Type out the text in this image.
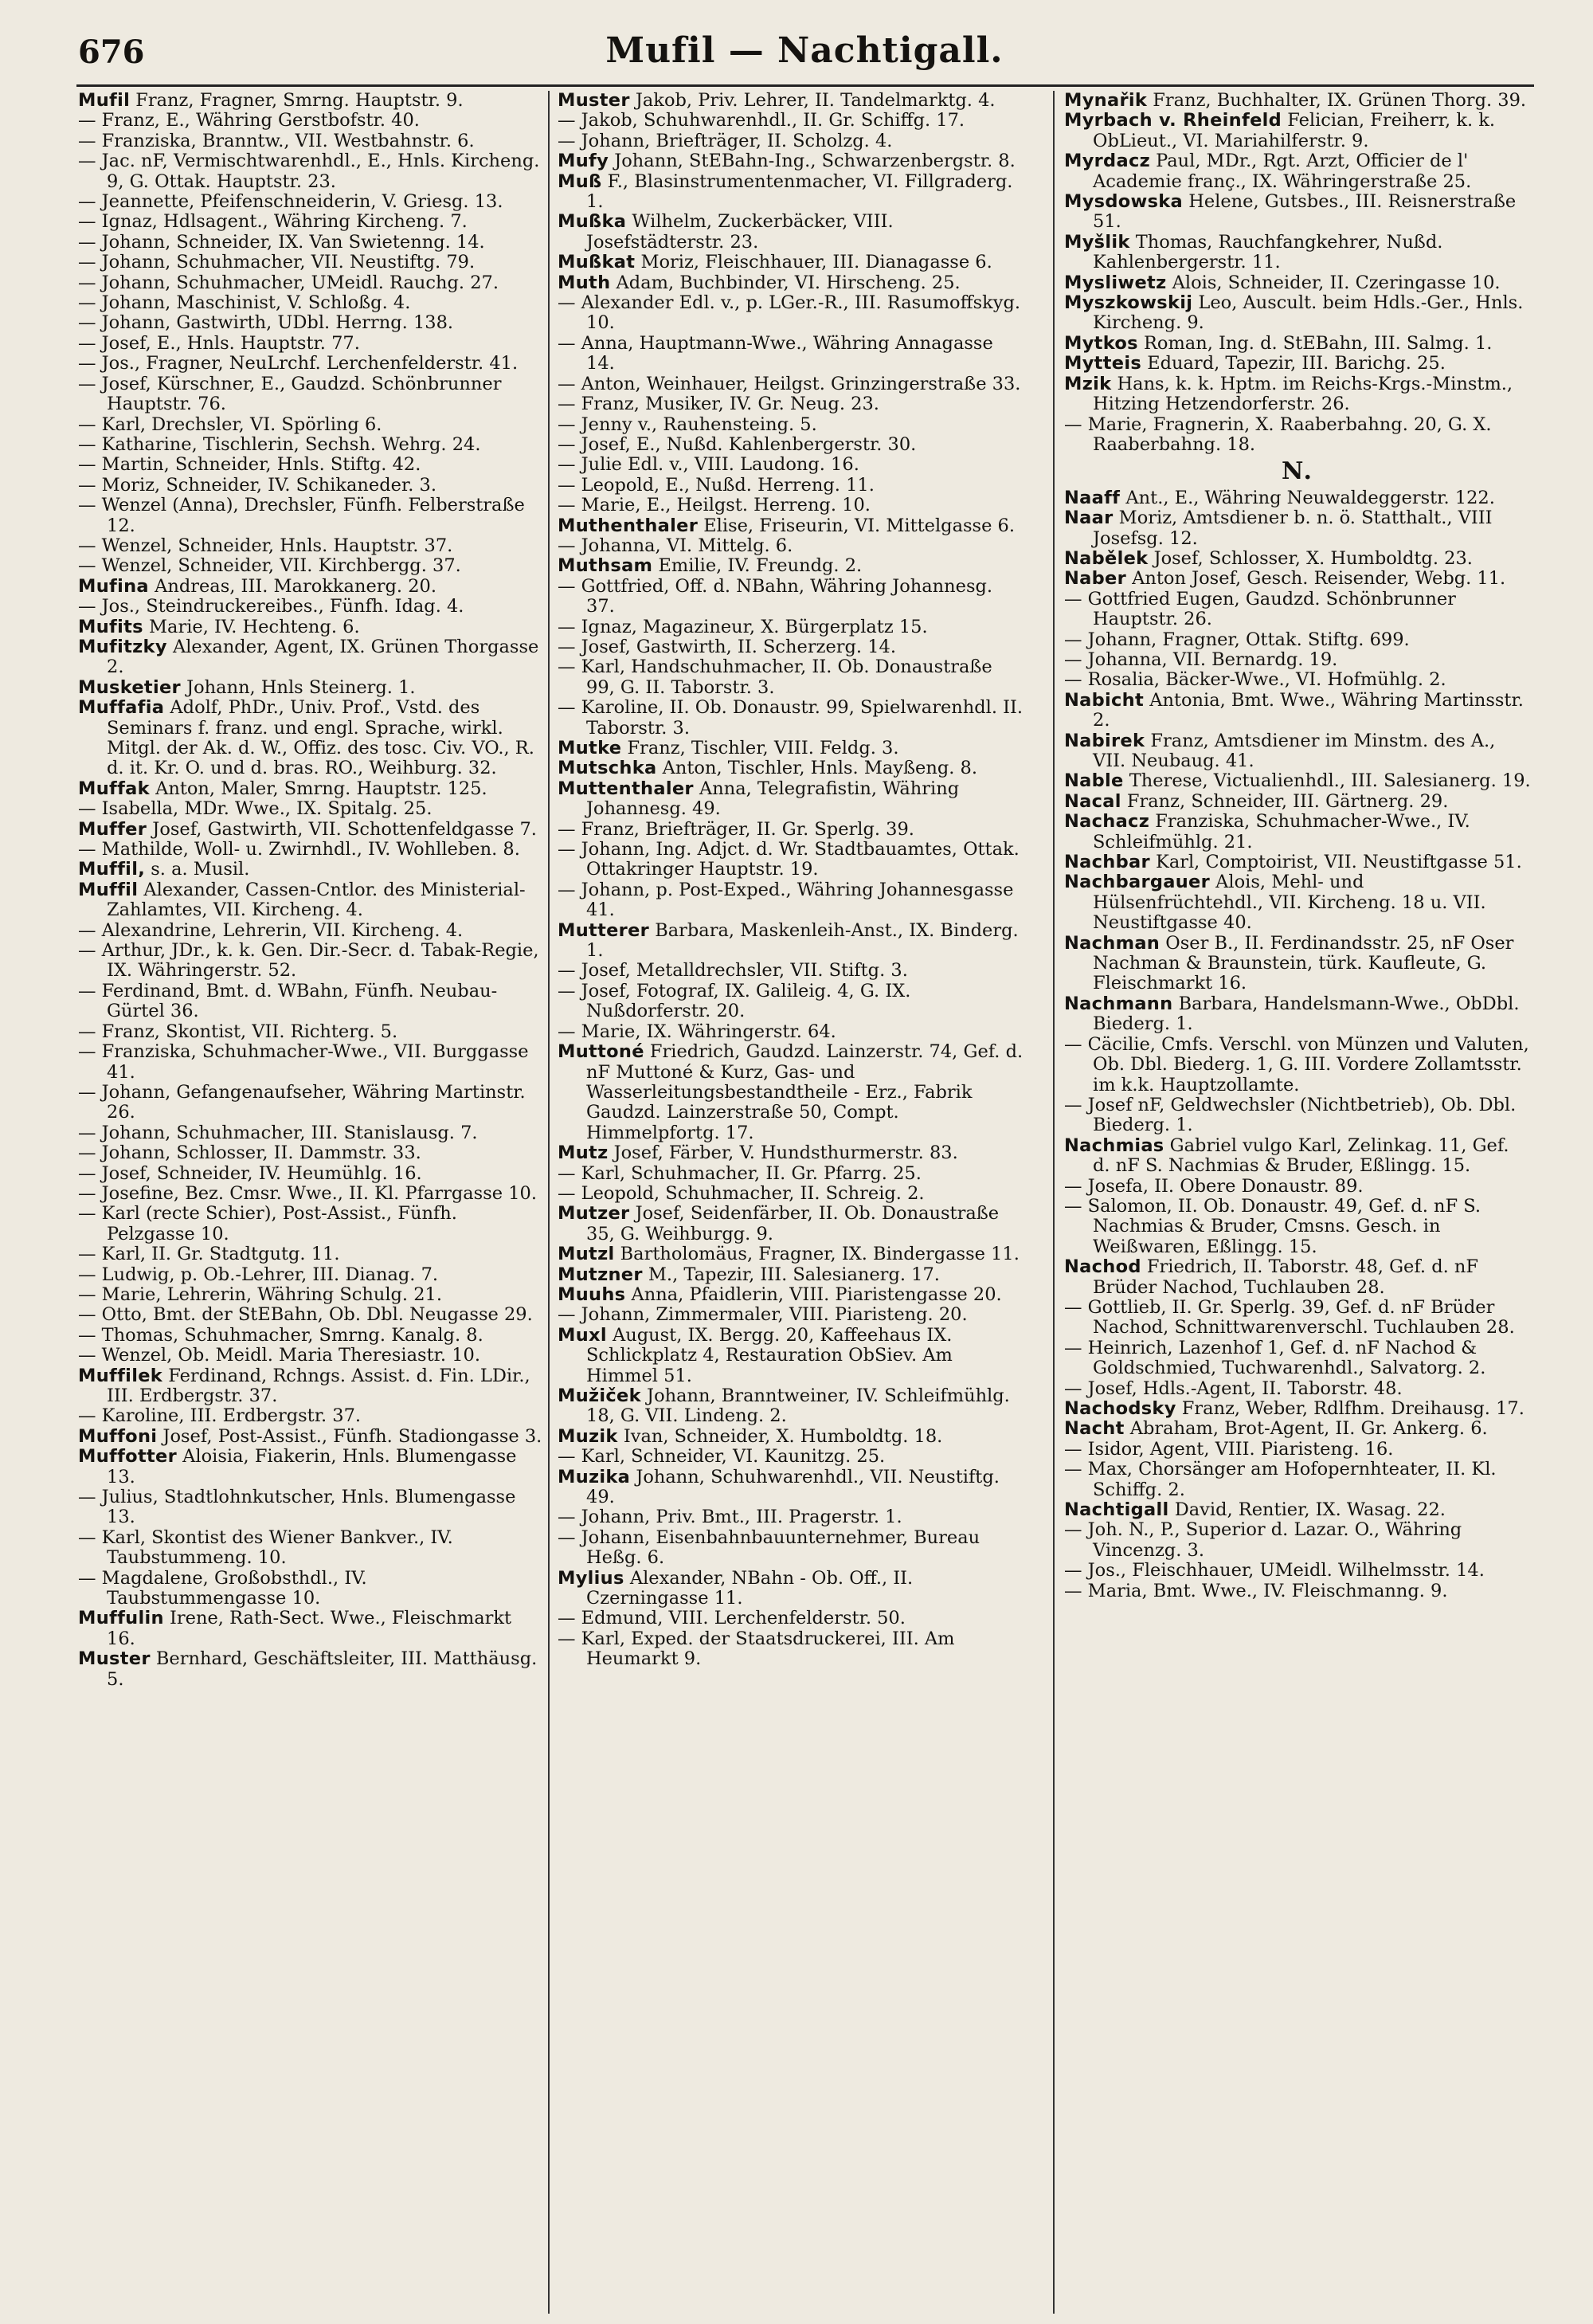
676	Mufil — Nachtigall.

Mufil Franz, Fragner, Smrng. Hauptstr. 9.

— Franz, E., Währing Gerstbofstr. 40.

— Franziska, Branntw., VII. Westbahnstr. 6.

— Jac. nF, Vermischtwarenhdl., E., Hnls. Kircheng. 9, G. Ottak. Hauptstr. 23.

— Jeannette, Pfeifenschneiderin, V. Griesg. 13.

— Ignaz, Hdlsagent., Währing Kircheng. 7.

— Johann, Schneider, IX. Van Swietenng. 14.

— Johann, Schuhmacher, VII. Neustiftg. 79.

— Johann, Schuhmacher, UMeidl. Rauchg. 27.

— Johann, Maschinist, V. Schloßg. 4.

— Johann, Gastwirth, UDbl. Herrng. 138.

— Josef, E., Hnls. Hauptstr. 77.

— Jos., Fragner, NeuLrchf. Lerchenfelderstr. 41.

— Josef, Kürschner, E., Gaudzd. Schönbrunner Hauptstr. 76.

— Karl, Drechsler, VI. Spörling 6.

— Katharine, Tischlerin, Sechsh. Wehrg. 24.

— Martin, Schneider, Hnls. Stiftg. 42.

— Moriz, Schneider, IV. Schikaneder. 3.

— Wenzel (Anna), Drechsler, Fünfh. Felberstraße 12.

— Wenzel, Schneider, Hnls. Hauptstr. 37.

— Wenzel, Schneider, VII. Kirchbergg. 37.

Mufina Andreas, III. Marokkanerg. 20.

— Jos., Steindruckereibes., Fünfh. Idag. 4.

Mufits Marie, IV. Hechteng. 6.

Mufitzky Alexander, Agent, IX. Grünen Thorgasse 2.

Musketier Johann, Hnls Steinerg. 1.

Muffafia Adolf, PhDr., Univ. Prof., Vstd. des Seminars f. franz. und engl. Sprache, wirkl. Mitgl. der Ak. d. W., Offiz. des tosc. Civ. VO., R. d. it. Kr. O. und d. bras. RO., Weihburg. 32.

Muffak Anton, Maler, Smrng. Hauptstr. 125.

— Isabella, MDr. Wwe., IX. Spitalg. 25.

Muffer Josef, Gastwirth, VII. Schottenfeldgasse 7.

— Mathilde, Woll- u. Zwirnhdl., IV. Wohlleben. 8.

Muffil, s. a. Musil.

Muffil Alexander, Cassen-Cntlor. des Ministerial-Zahlamtes, VII. Kircheng. 4.

— Alexandrine, Lehrerin, VII. Kircheng. 4.

— Arthur, JDr., k. k. Gen. Dir.-Secr. d. Tabak-Regie, IX. Währingerstr. 52.

— Ferdinand, Bmt. d. WBahn, Fünfh. Neubau-Gürtel 36.

— Franz, Skontist, VII. Richterg. 5.

— Franziska, Schuhmacher-Wwe., VII. Burggasse 41.

— Johann, Gefangenaufseher, Währing Martinstr. 26.

— Johann, Schuhmacher, III. Stanislausg. 7.

— Johann, Schlosser, II. Dammstr. 33.

— Josef, Schneider, IV. Heumühlg. 16.

— Josefine, Bez. Cmsr. Wwe., II. Kl. Pfarrgasse 10.

— Karl (recte Schier), Post-Assist., Fünfh. Pelzgasse 10.

— Karl, II. Gr. Stadtgutg. 11.

— Ludwig, p. Ob.-Lehrer, III. Dianag. 7.

— Marie, Lehrerin, Währing Schulg. 21.

— Otto, Bmt. der StEBahn, Ob. Dbl. Neugasse 29.

— Thomas, Schuhmacher, Smrng. Kanalg. 8.

— Wenzel, Ob. Meidl. Maria Theresiastr. 10.

Muffilek Ferdinand, Rchngs. Assist. d. Fin. LDir., III. Erdbergstr. 37.

— Karoline, III. Erdbergstr. 37.

Muffoni Josef, Post-Assist., Fünfh. Stadiongasse 3.

Muffotter Aloisia, Fiakerin, Hnls. Blumengasse 13.

— Julius, Stadtlohnkutscher, Hnls. Blumengasse 13.

— Karl, Skontist des Wiener Bankver., IV. Taubstummeng. 10.

— Magdalene, Großobsthdl., IV. Taubstummengasse 10.

Muffulin Irene, Rath-Sect. Wwe., Fleischmarkt 16.

Muster Bernhard, Geschäftsleiter, III. Matthäusg. 5.

Muster Jakob, Priv. Lehrer, II. Tandelmarktg. 4.

— Jakob, Schuhwarenhdl., II. Gr. Schiffg. 17.

— Johann, Briefträger, II. Scholzg. 4.

Mufy Johann, StEBahn-Ing., Schwarzenbergstr. 8.

Muß F., Blasinstrumentenmacher, VI. Fillgraderg. 1.

Mußka Wilhelm, Zuckerbäcker, VIII. Josefstädterstr. 23.

Mußkat Moriz, Fleischhauer, III. Dianagasse 6.

Muth Adam, Buchbinder, VI. Hirscheng. 25.

— Alexander Edl. v., p. LGer.-R., III. Rasumoffskyg. 10.

— Anna, Hauptmann-Wwe., Währing Annagasse 14.

— Anton, Weinhauer, Heilgst. Grinzingerstraße 33.

— Franz, Musiker, IV. Gr. Neug. 23.

— Jenny v., Rauhensteing. 5.

— Josef, E., Nußd. Kahlenbergerstr. 30.

— Julie Edl. v., VIII. Laudong. 16.

— Leopold, E., Nußd. Herreng. 11.

— Marie, E., Heilgst. Herreng. 10.

Muthenthaler Elise, Friseurin, VI. Mittelgasse 6.

— Johanna, VI. Mittelg. 6.

Muthsam Emilie, IV. Freundg. 2.

— Gottfried, Off. d. NBahn, Währing Johannesg. 37.

— Ignaz, Magazineur, X. Bürgerplatz 15.

— Josef, Gastwirth, II. Scherzerg. 14.

— Karl, Handschuhmacher, II. Ob. Donaustraße 99, G. II. Taborstr. 3.

— Karoline, II. Ob. Donaustr. 99, Spielwarenhdl. II. Taborstr. 3.

Mutke Franz, Tischler, VIII. Feldg. 3.

Mutschka Anton, Tischler, Hnls. Mayßeng. 8.

Muttenthaler Anna, Telegrafistin, Währing Johannesg. 49.

— Franz, Briefträger, II. Gr. Sperlg. 39.

— Johann, Ing. Adjct. d. Wr. Stadtbauamtes, Ottak. Ottakringer Hauptstr. 19.

— Johann, p. Post-Exped., Währing Johannesgasse 41.

Mutterer Barbara, Maskenleih-Anst., IX. Binderg. 1.

— Josef, Metalldrechsler, VII. Stiftg. 3.

— Josef, Fotograf, IX. Galileig. 4, G. IX. Nußdorferstr. 20.

— Marie, IX. Währingerstr. 64.

Muttoné Friedrich, Gaudzd. Lainzerstr. 74, Gef. d. nF Muttoné & Kurz, Gas- und Wasserleitungsbestandtheile - Erz., Fabrik Gaudzd. Lainzerstraße 50, Compt. Himmelpfortg. 17.

Mutz Josef, Färber, V. Hundsthurmerstr. 83.

— Karl, Schuhmacher, II. Gr. Pfarrg. 25.

— Leopold, Schuhmacher, II. Schreig. 2.

Mutzer Josef, Seidenfärber, II. Ob. Donaustraße 35, G. Weihburgg. 9.

Mutzl Bartholomäus, Fragner, IX. Bindergasse 11.

Mutzner M., Tapezir, III. Salesianerg. 17.

Muuhs Anna, Pfaidlerin, VIII. Piaristengasse 20.

— Johann, Zimmermaler, VIII. Piaristeng. 20.

Muxl August, IX. Bergg. 20, Kaffeehaus IX. Schlickplatz 4, Restauration ObSiev. Am Himmel 51.

Mužiček Johann, Branntweiner, IV. Schleifmühlg. 18, G. VII. Lindeng. 2.

Muzik Ivan, Schneider, X. Humboldtg. 18.

— Karl, Schneider, VI. Kaunitzg. 25.

Muzika Johann, Schuhwarenhdl., VII. Neustiftg. 49.

— Johann, Priv. Bmt., III. Pragerstr. 1.

— Johann, Eisenbahnbauunternehmer, Bureau Heßg. 6.

Mylius Alexander, NBahn - Ob. Off., II. Czerningasse 11.

— Edmund, VIII. Lerchenfelderstr. 50.

— Karl, Exped. der Staatsdruckerei, III. Am Heumarkt 9.

Mynařik Franz, Buchhalter, IX. Grünen Thorg. 39.

Myrbach v. Rheinfeld Felician, Freiherr, k. k. ObLieut., VI. Mariahilferstr. 9.

Myrdacz Paul, MDr., Rgt. Arzt, Officier de l' Academie franç., IX. Währingerstraße 25.

Mysdowska Helene, Gutsbes., III. Reisnerstraße 51.

Myšlik Thomas, Rauchfangkehrer, Nußd. Kahlenbergerstr. 11.

Mysliwetz Alois, Schneider, II. Czeringasse 10.

Myszkowskij Leo, Auscult. beim Hdls.-Ger., Hnls. Kircheng. 9.

Mytkos Roman, Ing. d. StEBahn, III. Salmg. 1.

Mytteis Eduard, Tapezir, III. Barichg. 25.

Mzik Hans, k. k. Hptm. im Reichs-Krgs.-Minstm., Hitzing Hetzendorferstr. 26.

— Marie, Fragnerin, X. Raaberbahng. 20, G. X. Raaberbahng. 18.

N.

Naaff Ant., E., Währing Neuwaldeggerstr. 122.

Naar Moriz, Amtsdiener b. n. ö. Statthalt., VIII Josefsg. 12.

Nabělek Josef, Schlosser, X. Humboldtg. 23.

Naber Anton Josef, Gesch. Reisender, Webg. 11.

— Gottfried Eugen, Gaudzd. Schönbrunner Hauptstr. 26.

— Johann, Fragner, Ottak. Stiftg. 699.

— Johanna, VII. Bernardg. 19.

— Rosalia, Bäcker-Wwe., VI. Hofmühlg. 2.

Nabicht Antonia, Bmt. Wwe., Währing Martinsstr. 2.

Nabirek Franz, Amtsdiener im Minstm. des A., VII. Neubaug. 41.

Nable Therese, Victualienhdl., III. Salesianerg. 19.

Nacal Franz, Schneider, III. Gärtnerg. 29.

Nachacz Franziska, Schuhmacher-Wwe., IV. Schleifmühlg. 21.

Nachbar Karl, Comptoirist, VII. Neustiftgasse 51.

Nachbargauer Alois, Mehl- und Hülsenfrüchtehdl., VII. Kircheng. 18 u. VII. Neustiftgasse 40.

Nachman Oser B., II. Ferdinandsstr. 25, nF Oser Nachman & Braunstein, türk. Kaufleute, G. Fleischmarkt 16.

Nachmann Barbara, Handelsmann-Wwe., ObDbl. Biederg. 1.

— Cäcilie, Cmfs. Verschl. von Münzen und Valuten, Ob. Dbl. Biederg. 1, G. III. Vordere Zollamtsstr. im k.k. Hauptzollamte.

— Josef nF, Geldwechsler (Nichtbetrieb), Ob. Dbl. Biederg. 1.

Nachmias Gabriel vulgo Karl, Zelinkag. 11, Gef. d. nF S. Nachmias & Bruder, Eßlingg. 15.

— Josefa, II. Obere Donaustr. 89.

— Salomon, II. Ob. Donaustr. 49, Gef. d. nF S. Nachmias & Bruder, Cmsns. Gesch. in Weißwaren, Eßlingg. 15.

Nachod Friedrich, II. Taborstr. 48, Gef. d. nF Brüder Nachod, Tuchlauben 28.

— Gottlieb, II. Gr. Sperlg. 39, Gef. d. nF Brüder Nachod, Schnittwarenverschl. Tuchlauben 28.

— Heinrich, Lazenhof 1, Gef. d. nF Nachod & Goldschmied, Tuchwarenhdl., Salvatorg. 2.

— Josef, Hdls.-Agent, II. Taborstr. 48.

Nachodsky Franz, Weber, Rdlfhm. Dreihausg. 17.

Nacht Abraham, Brot-Agent, II. Gr. Ankerg. 6.

— Isidor, Agent, VIII. Piaristeng. 16.

— Max, Chorsänger am Hofopernhteater, II. Kl. Schiffg. 2.

Nachtigall David, Rentier, IX. Wasag. 22.

— Joh. N., P., Superior d. Lazar. O., Währing Vincenzg. 3.

— Jos., Fleischhauer, UMeidl. Wilhelmsstr. 14.

— Maria, Bmt. Wwe., IV. Fleischmanng. 9.
